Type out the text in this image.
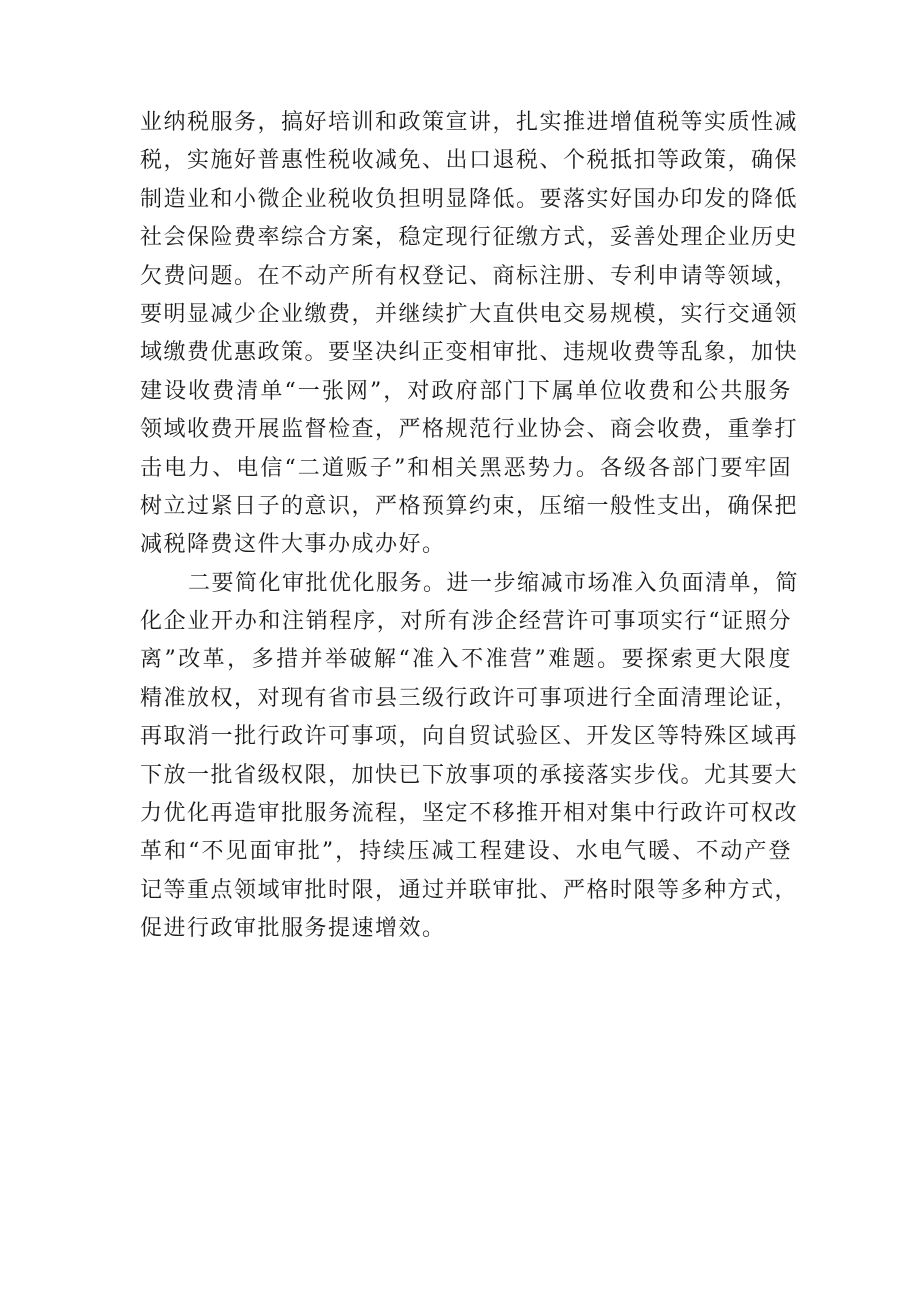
业纳税服务，搞好培训和政策宣讲，扎实推进增值税等实质性减
税，实施好普惠性税收减免、出口退税、个税抵扣等政策，确保
制造业和小微企业税收负担明显降低。要落实好国办印发的降低
社会保险费率综合方案，稳定现行征缴方式，妥善处理企业历史
欠费问题。在不动产所有权登记、商标注册、专利申请等领域，
要明显减少企业缴费，并继续扩大直供电交易规模，实行交通领
域缴费优惠政策。要坚决纠正变相审批、违规收费等乱象，加快
建设收费清单“一张网”，对政府部门下属单位收费和公共服务
领域收费开展监督检查，严格规范行业协会、商会收费，重拳打
击电力、电信“二道贩子”和相关黑恶势力。各级各部门要牢固
树立过紧日子的意识，严格预算约束，压缩一般性支出，确保把
减税降费这件大事办成办好。
二要简化审批优化服务。进一步缩减市场准入负面清单，简
化企业开办和注销程序，对所有涉企经营许可事项实行“证照分
离”改革，多措并举破解“准入不准营”难题。要探索更大限度
精准放权，对现有省市县三级行政许可事项进行全面清理论证，
再取消一批行政许可事项，向自贸试验区、开发区等特殊区域再
下放一批省级权限，加快已下放事项的承接落实步伐。尤其要大
力优化再造审批服务流程，坚定不移推开相对集中行政许可权改
革和“不见面审批”，持续压减工程建设、水电气暖、不动产登
记等重点领域审批时限，通过并联审批、严格时限等多种方式，
促进行政审批服务提速增效。
